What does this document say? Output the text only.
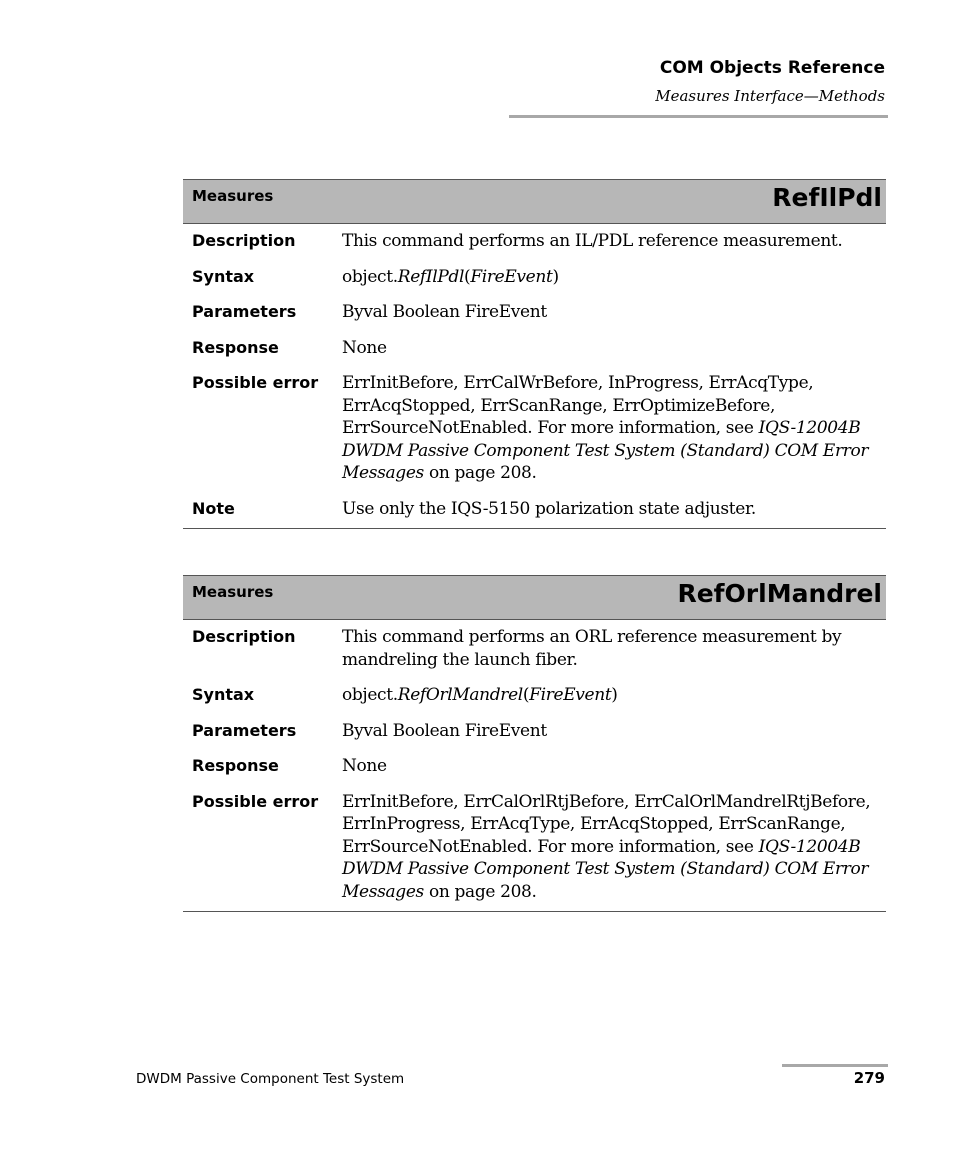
COM Objects Reference
Measures Interface—Methods
Measures	RefIlPdl
Description	This command performs an IL/PDL reference measurement.
Syntax	object.RefIlPdl(FireEvent)
Parameters	Byval Boolean FireEvent
Response	None
Possible error	ErrInitBefore, ErrCalWrBefore, InProgress, ErrAcqType, ErrAcqStopped, ErrScanRange, ErrOptimizeBefore, ErrSourceNotEnabled. For more information, see IQS-12004B DWDM Passive Component Test System (Standard) COM Error Messages on page 208.
Note	Use only the IQS-5150 polarization state adjuster.
Measures	RefOrlMandrel
Description	This command performs an ORL reference measurement by mandreling the launch fiber.
Syntax	object.RefOrlMandrel(FireEvent)
Parameters	Byval Boolean FireEvent
Response	None
Possible error	ErrInitBefore, ErrCalOrlRtjBefore, ErrCalOrlMandrelRtjBefore, ErrInProgress, ErrAcqType, ErrAcqStopped, ErrScanRange, ErrSourceNotEnabled. For more information, see IQS-12004B DWDM Passive Component Test System (Standard) COM Error Messages on page 208.
DWDM Passive Component Test System	279
